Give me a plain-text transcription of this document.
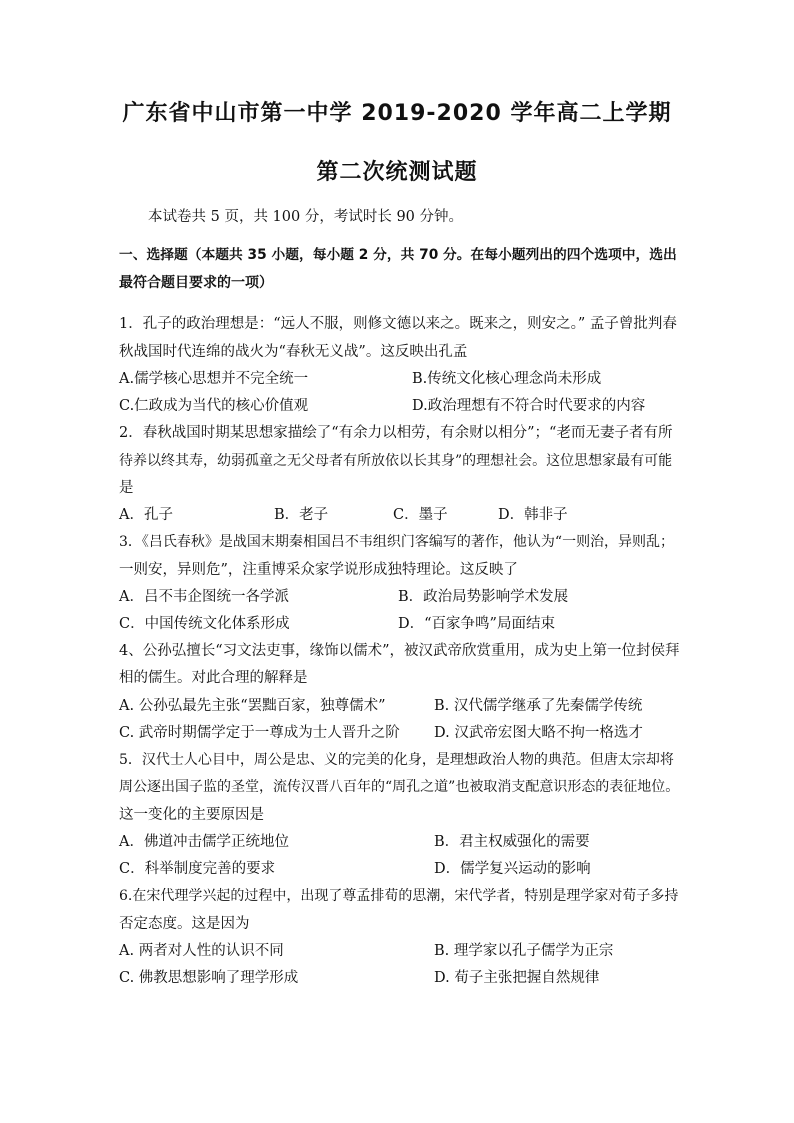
广东省中山市第一中学 2019-2020 学年高二上学期
第二次统测试题
本试卷共 5 页，共 100 分，考试时长 90 分钟。
一、选择题（本题共 35 小题，每小题 2 分，共 70 分。在每小题列出的四个选项中，选出
最符合题目要求的一项）
1．孔子的政治理想是：“远人不服，则修文德以来之。既来之，则安之。” 孟子曾批判春
秋战国时代连绵的战火为“春秋无义战”。这反映出孔孟
A.儒学核心思想并不完全统一	B.传统文化核心理念尚未形成
C.仁政成为当代的核心价值观	D.政治理想有不符合时代要求的内容
2．春秋战国时期某思想家描绘了“有余力以相劳，有余财以相分”；“老而无妻子者有所
待养以终其寿，幼弱孤童之无父母者有所放依以长其身”的理想社会。这位思想家最有可能
是
A．孔子	B．老子	C．墨子	D．韩非子
3．《吕氏春秋》是战国末期秦相国吕不韦组织门客编写的著作，他认为“一则治，异则乱；
一则安，异则危”，注重博采众家学说形成独特理论。这反映了
A．吕不韦企图统一各学派	B．政治局势影响学术发展
C．中国传统文化体系形成	D．“百家争鸣”局面结束
4、公孙弘擅长“习文法吏事，缘饰以儒术”，被汉武帝欣赏重用，成为史上第一位封侯拜
相的儒生。对此合理的解释是
A. 公孙弘最先主张“罢黜百家，独尊儒术”	B. 汉代儒学继承了先秦儒学传统
C. 武帝时期儒学定于一尊成为士人晋升之阶 D. 汉武帝宏图大略不拘一格选才
5．汉代士人心目中，周公是忠、义的完美的化身，是理想政治人物的典范。但唐太宗却将
周公逐出国子监的圣堂，流传汉晋八百年的“周孔之道”也被取消支配意识形态的表征地位。
这一变化的主要原因是
A．佛道冲击儒学正统地位	B．君主权威强化的需要
C．科举制度完善的要求	D．儒学复兴运动的影响
6.在宋代理学兴起的过程中，出现了尊孟排荀的思潮，宋代学者，特别是理学家对荀子多持
否定态度。这是因为
A. 两者对人性的认识不同	B. 理学家以孔子儒学为正宗
C. 佛教思想影响了理学形成	D. 荀子主张把握自然规律
